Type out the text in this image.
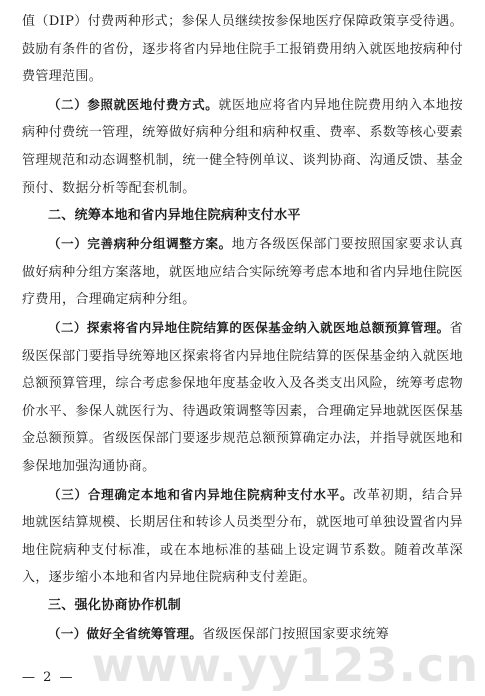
值（DIP）付费两种形式；参保人员继续按参保地医疗保障政策享受待遇。鼓励有条件的省份，逐步将省内异地住院手工报销费用纳入就医地按病种付费管理范围。

（二）参照就医地付费方式。就医地应将省内异地住院费用纳入本地按病种付费统一管理，统筹做好病种分组和病种权重、费率、系数等核心要素管理规范和动态调整机制，统一健全特例单议、谈判协商、沟通反馈、基金预付、数据分析等配套机制。

二、统筹本地和省内异地住院病种支付水平

（一）完善病种分组调整方案。地方各级医保部门要按照国家要求认真做好病种分组方案落地，就医地应结合实际统筹考虑本地和省内异地住院医疗费用，合理确定病种分组。

（二）探索将省内异地住院结算的医保基金纳入就医地总额预算管理。省级医保部门要指导统筹地区探索将省内异地住院结算的医保基金纳入就医地总额预算管理，综合考虑参保地年度基金收入及各类支出风险，统筹考虑物价水平、参保人就医行为、待遇政策调整等因素，合理确定异地就医医保基金总额预算。省级医保部门要逐步规范总额预算确定办法，并指导就医地和参保地加强沟通协商。

（三）合理确定本地和省内异地住院病种支付水平。改革初期，结合异地就医结算规模、长期居住和转诊人员类型分布，就医地可单独设置省内异地住院病种支付标准，或在本地标准的基础上设定调节系数。随着改革深入，逐步缩小本地和省内异地住院病种支付差距。

三、强化协商协作机制

（一）做好全省统筹管理。省级医保部门按照国家要求统筹

— 2 — www.yy123.cn
